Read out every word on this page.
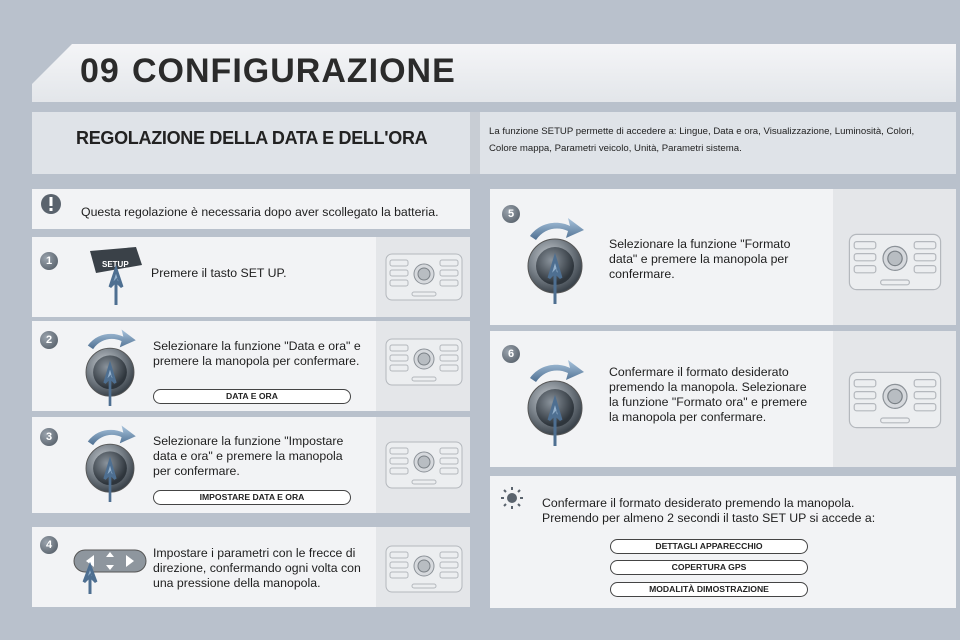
09 CONFIGURAZIONE
REGOLAZIONE DELLA DATA E DELL'ORA	La funzione SETUP permette di accedere a: Lingue, Data e ora, Visualizzazione, Luminosità, Colori, Colore mappa, Parametri veicolo, Unità, Parametri sistema.
Questa regolazione è necessaria dopo aver scollegato la batteria.
1	SETUP
Premere il tasto SET UP.
2	Selezionare la funzione "Data e ora" e premere la manopola per confermare.
DATA E ORA
3	Selezionare la funzione "Impostare data e ora" e premere la manopola per confermare.
IMPOSTARE DATA E ORA
4
Impostare i parametri con le frecce di direzione, confermando ogni volta con una pressione della manopola.
5
Selezionare la funzione "Formato data" e premere la manopola per confermare.
6
Confermare il formato desiderato premendo la manopola. Selezionare la funzione "Formato ora" e premere la manopola per confermare.
Confermare il formato desiderato premendo la manopola. Premendo per almeno 2 secondi il tasto SET UP si accede a:
DETTAGLI APPARECCHIO
COPERTURA GPS
MODALITÀ DIMOSTRAZIONE
